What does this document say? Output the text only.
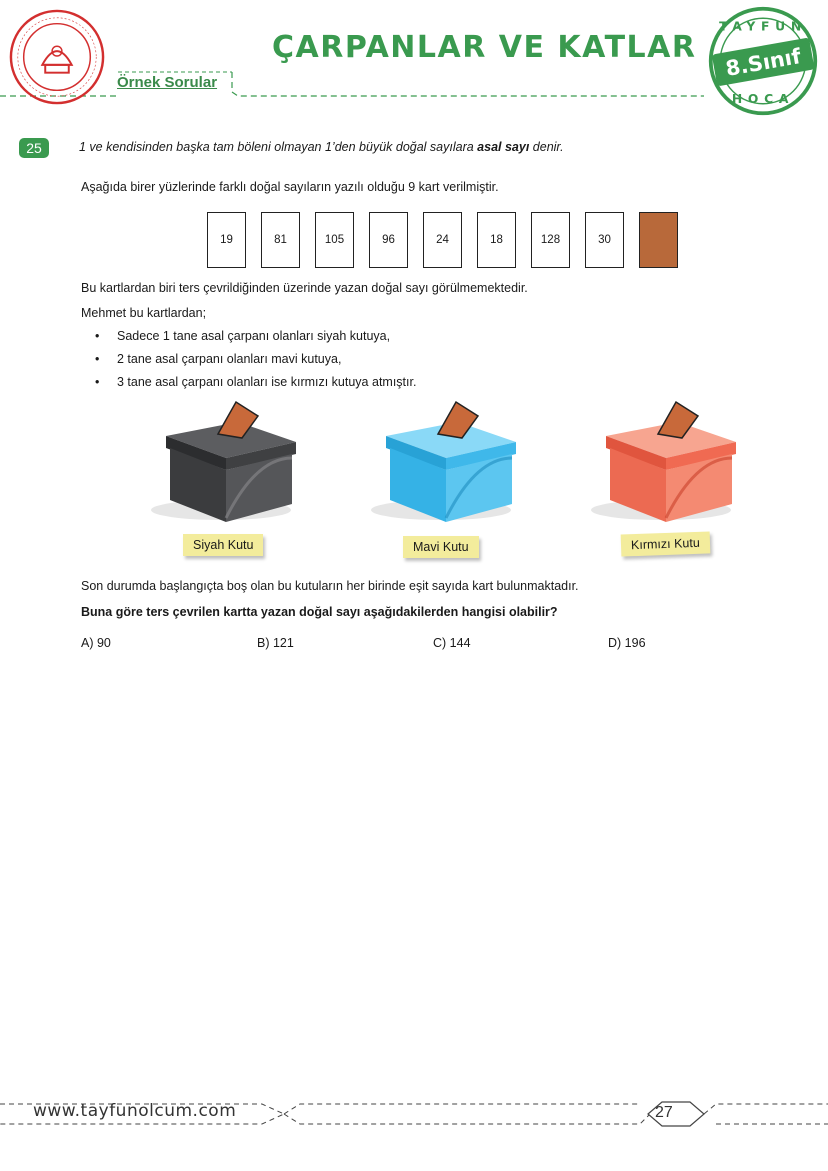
ÇARPANLAR VE KATLAR
Örnek Sorular
8.Sınıf
TAYFUN
HOCA
25	1 ve kendisinden başka tam böleni olmayan 1’den büyük doğal sayılara asal sayı denir.
Aşağıda birer yüzlerinde farklı doğal sayıların yazılı olduğu 9 kart verilmiştir.
19	81	105	96	24	18	128	30
Bu kartlardan biri ters çevrildiğinden üzerinde yazan doğal sayı görülmemektedir.
Mehmet bu kartlardan;
•	Sadece 1 tane asal çarpanı olanları siyah kutuya,
•	2 tane asal çarpanı olanları mavi kutuya,
•	3 tane asal çarpanı olanları ise kırmızı kutuya atmıştır.
Siyah Kutu	Mavi Kutu	Kırmızı Kutu
Son durumda başlangıçta boş olan bu kutuların her birinde eşit sayıda kart bulunmaktadır.
Buna göre ters çevrilen kartta yazan doğal sayı aşağıdakilerden hangisi olabilir?
A) 90	B) 121	C) 144	D) 196
www.tayfunolcum.com	27
